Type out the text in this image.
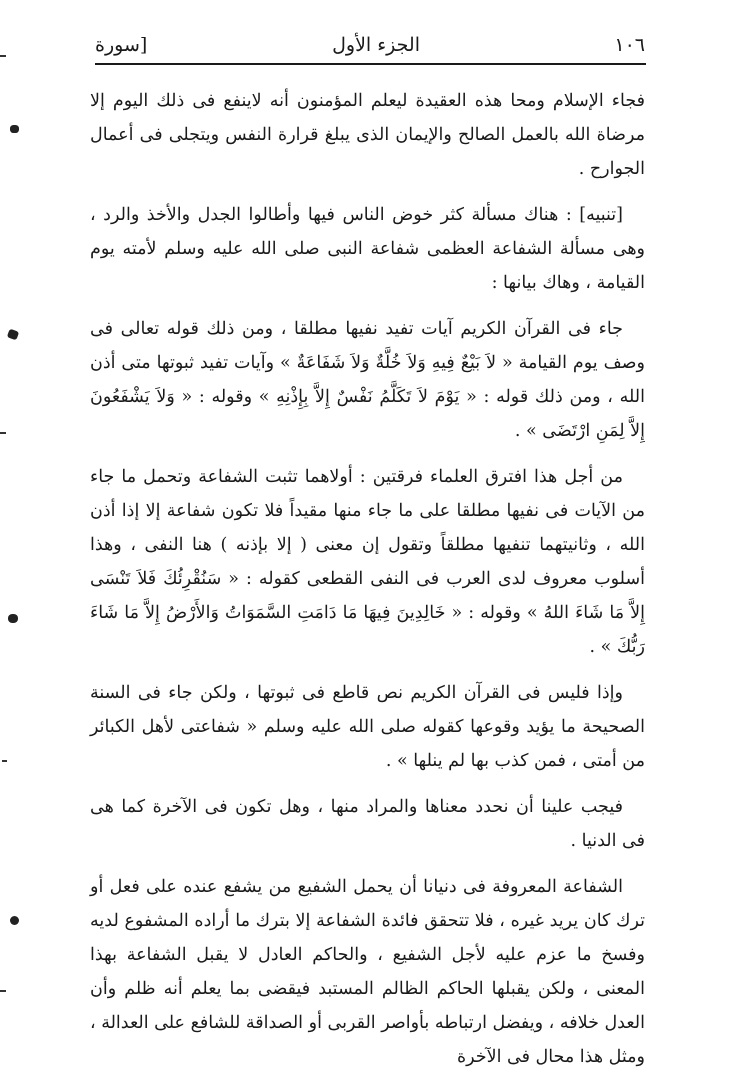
١٠٦
الجزء الأول
[سورة

فجاء الإسلام ومحا هذه العقيدة ليعلم المؤمنون أنه لاينفع فى ذلك اليوم إلا مرضاة الله بالعمل الصالح والإيمان الذى يبلغ قرارة النفس ويتجلى فى أعمال الجوارح .

[تنبيه] : هناك مسألة كثر خوض الناس فيها وأطالوا الجدل والأخذ والرد ، وهى مسألة الشفاعة العظمى شفاعة النبى صلى الله عليه وسلم لأمته يوم القيامة ، وهاك بيانها :

جاء فى القرآن الكريم آيات تفيد نفيها مطلقا ، ومن ذلك قوله تعالى فى وصف يوم القيامة « لاَ بَيْعٌ فِيهِ وَلاَ خُلَّةٌ وَلاَ شَفَاعَةٌ » وآيات تفيد ثبوتها متى أذن الله ، ومن ذلك قوله : « يَوْمَ لاَ تَكَلَّمُ نَفْسٌ إِلاَّ بِإِذْنِهِ » وقوله : « وَلاَ يَشْفَعُونَ إِلاَّ لِمَنِ ارْتَضَى » .

من أجل هذا افترق العلماء فرقتين : أولاهما تثبت الشفاعة وتحمل ما جاء من الآيات فى نفيها مطلقا على ما جاء منها مقيداً فلا تكون شفاعة إلا إذا أذن الله ، وثانيتهما تنفيها مطلقاً وتقول إن معنى ( إلا بإذنه ) هنا النفى ، وهذا أسلوب معروف لدى العرب فى النفى القطعى كقوله : « سَنُقْرِئُكَ فَلاَ تَنْسَى إِلاَّ مَا شَاءَ اللهُ » وقوله : « خَالِدِينَ فِيهَا مَا دَامَتِ السَّمَوَاتُ وَالأَرْضُ إِلاَّ مَا شَاءَ رَبُّكَ » .

وإذا فليس فى القرآن الكريم نص قاطع فى ثبوتها ، ولكن جاء فى السنة الصحيحة ما يؤيد وقوعها كقوله صلى الله عليه وسلم « شفاعتى لأهل الكبائر من أمتى ، فمن كذب بها لم ينلها » .

فيجب علينا أن نحدد معناها والمراد منها ، وهل تكون فى الآخرة كما هى فى الدنيا .

الشفاعة المعروفة فى دنيانا أن يحمل الشفيع من يشفع عنده على فعل أو ترك كان يريد غيره ، فلا تتحقق فائدة الشفاعة إلا بترك ما أراده المشفوع لديه وفسخ ما عزم عليه لأجل الشفيع ، والحاكم العادل لا يقبل الشفاعة بهذا المعنى ، ولكن يقبلها الحاكم الظالم المستبد فيقضى بما يعلم أنه ظلم وأن العدل خلافه ، ويفضل ارتباطه بأواصر القربى أو الصداقة للشافع على العدالة ، ومثل هذا محال فى الآخرة
